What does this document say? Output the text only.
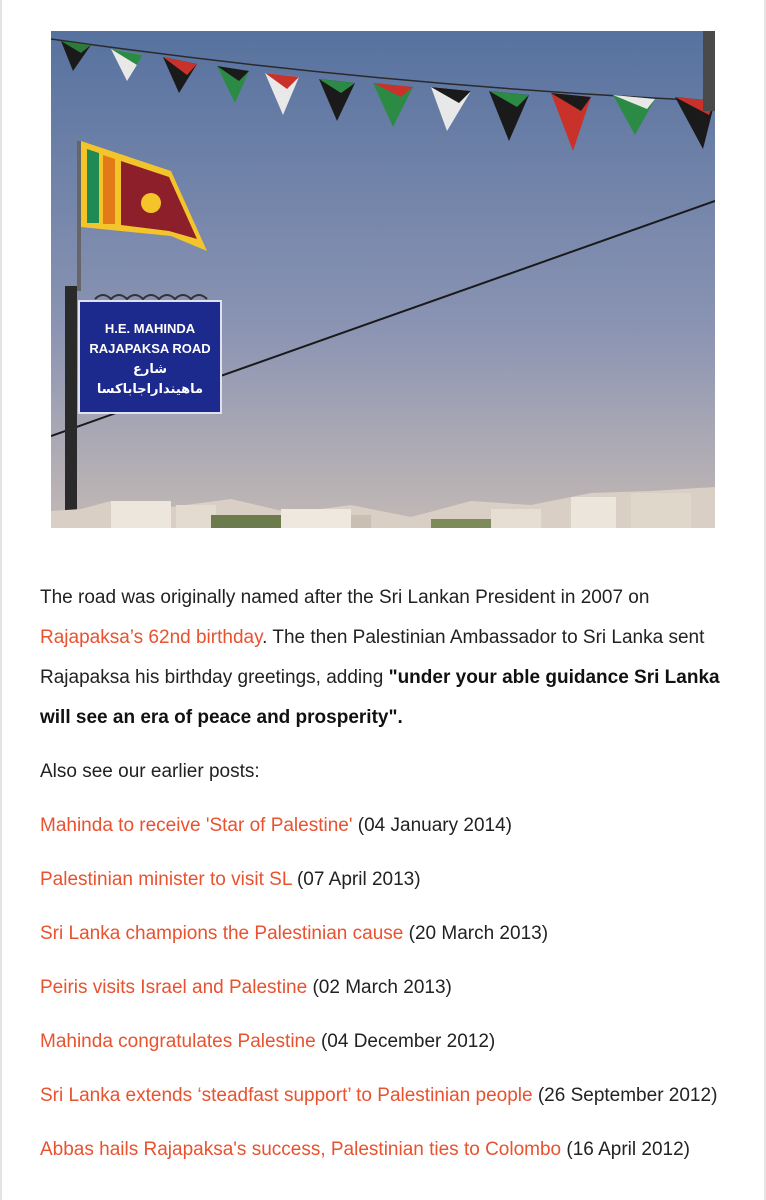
H.E. MAHINDA
RAJAPAKSA ROAD
شارع
ماهينداراجاباكسا

The road was originally named after the Sri Lankan President in 2007 on Rajapaksa’s 62nd birthday. The then Palestinian Ambassador to Sri Lanka sent Rajapaksa his birthday greetings, adding "under your able guidance Sri Lanka will see an era of peace and prosperity".

Also see our earlier posts:

Mahinda to receive 'Star of Palestine' (04 January 2014)

Palestinian minister to visit SL (07 April 2013)

Sri Lanka champions the Palestinian cause (20 March 2013)

Peiris visits Israel and Palestine (02 March 2013)

Mahinda congratulates Palestine (04 December 2012)

Sri Lanka extends ‘steadfast support’ to Palestinian people (26 September 2012)

Abbas hails Rajapaksa's success, Palestinian ties to Colombo (16 April 2012)
